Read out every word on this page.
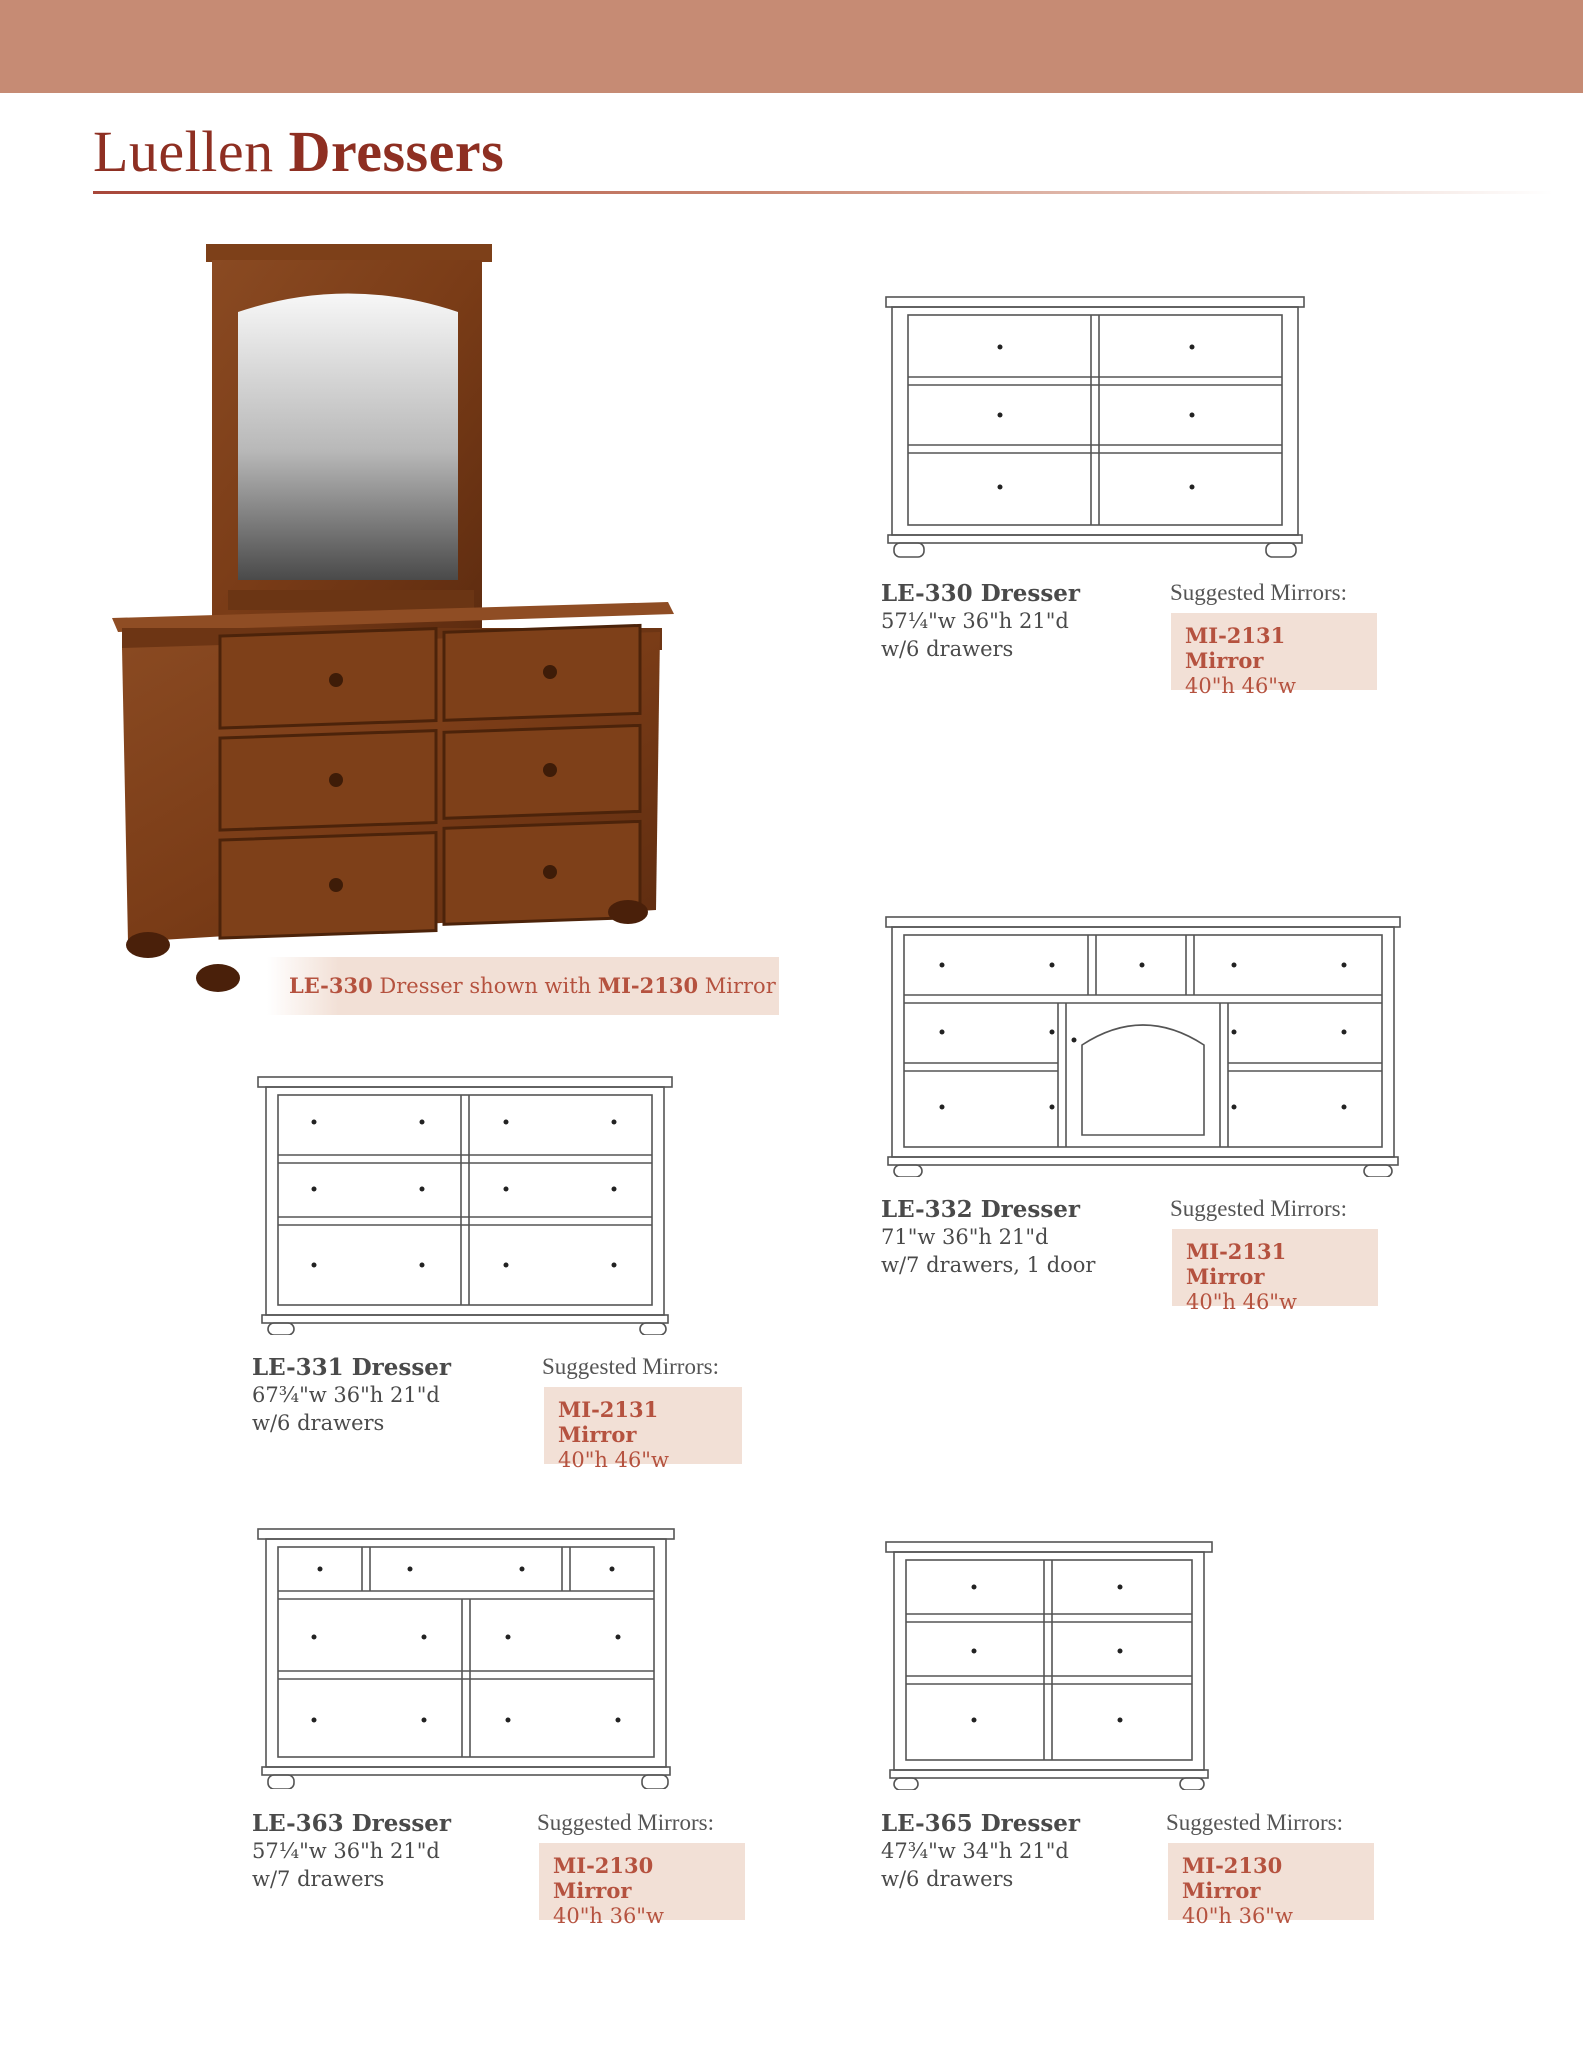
Luellen Dressers
LE-330 Dresser shown with MI-2130 Mirror
LE-330 Dresser
57¼"w 36"h 21"d
w/6 drawers
Suggested Mirrors:
MI-2131 Mirror
40"h 46"w
LE-332 Dresser
71"w 36"h 21"d
w/7 drawers, 1 door
Suggested Mirrors:
MI-2131 Mirror
40"h 46"w
LE-331 Dresser
67¾"w 36"h 21"d
w/6 drawers
Suggested Mirrors:
MI-2131 Mirror
40"h 46"w
LE-363 Dresser
57¼"w 36"h 21"d
w/7 drawers
Suggested Mirrors:
MI-2130 Mirror
40"h 36"w
LE-365 Dresser
47¾"w 34"h 21"d
w/6 drawers
Suggested Mirrors:
MI-2130 Mirror
40"h 36"w
